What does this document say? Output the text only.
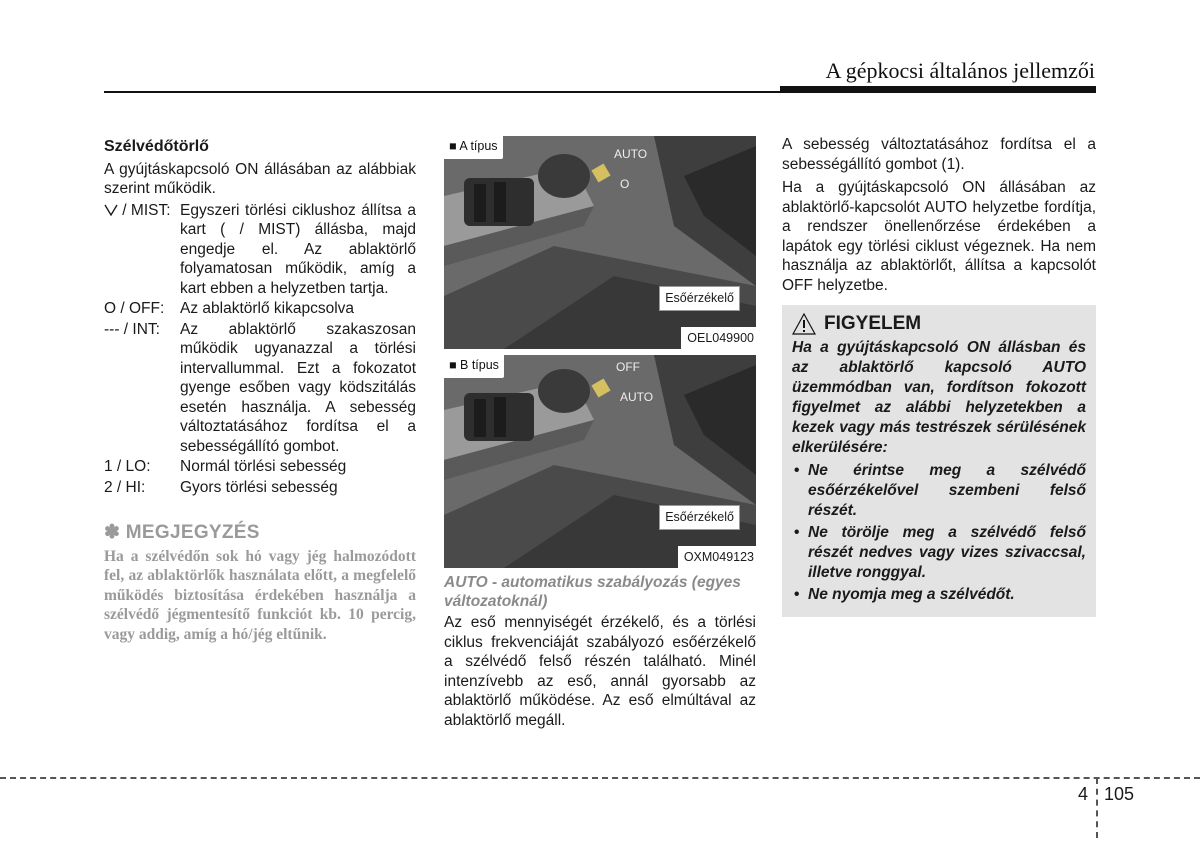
A gépkocsi általános jellemzői
Szélvédőtörlő

A gyújtáskapcsoló ON állásában az alábbiak szerint működik.

/ MIST: Egyszeri törlési ciklushoz állítsa a kart ( / MIST) állásba, majd engedje el. Az ablaktörlő folyamatosan működik, amíg a kart ebben a helyzetben tartja.
O / OFF:	Az ablaktörlő kikapcsolva
--- / INT:	Az ablaktörlő szakaszosan működik ugyanazzal a törlési intervallummal. Ezt a fokozatot gyenge esőben vagy ködszitálás esetén használja. A sebesség változtatásához fordítsa el a sebességállító gombot.
1 / LO:	Normál törlési sebesség
2 / HI:	Gyors törlési sebesség
✽ MEGJEGYZÉS
Ha a szélvédőn sok hó vagy jég halmozódott fel, az ablaktörlők használata előtt, a megfelelő működés biztosítása érdekében használja a szélvédő jégmentesítő funkciót kb. 10 percig, vagy addig, amíg a hó/jég eltűnik.
AUTO
O
■ A típus
Esőérzékelő
OEL049900
OFF
AUTO
■ B típus
Esőérzékelő
OXM049123
AUTO - automatikus szabályozás (egyes változatoknál)

Az eső mennyiségét érzékelő, és a törlési ciklus frekvenciáját szabályozó esőérzékelő a szélvédő felső részén található. Minél intenzívebb az eső, annál gyorsabb az ablaktörlő működése. Az eső elmúltával az ablaktörlő megáll.

A sebesség változtatásához fordítsa el a sebességállító gombot (1).

Ha a gyújtáskapcsoló ON állásában az ablaktörlő-kapcsolót AUTO helyzetbe fordítja, a rendszer önellenőrzése érdekében a lapátok egy törlési ciklust végeznek. Ha nem használja az ablaktörlőt, állítsa a kapcsolót OFF helyzetbe.

FIGYELEM
Ha a gyújtáskapcsoló ON állásban és az ablaktörlő kapcsoló AUTO üzemmódban van, fordítson fokozott figyelmet az alábbi helyzetekben a kezek vagy más testrészek sérülésének elkerülésére:
• Ne érintse meg a szélvédő esőérzékelővel szembeni felső részét.
• Ne törölje meg a szélvédő felső részét nedves vagy vizes szivaccsal, illetve ronggyal.
• Ne nyomja meg a szélvédőt.
4 105
